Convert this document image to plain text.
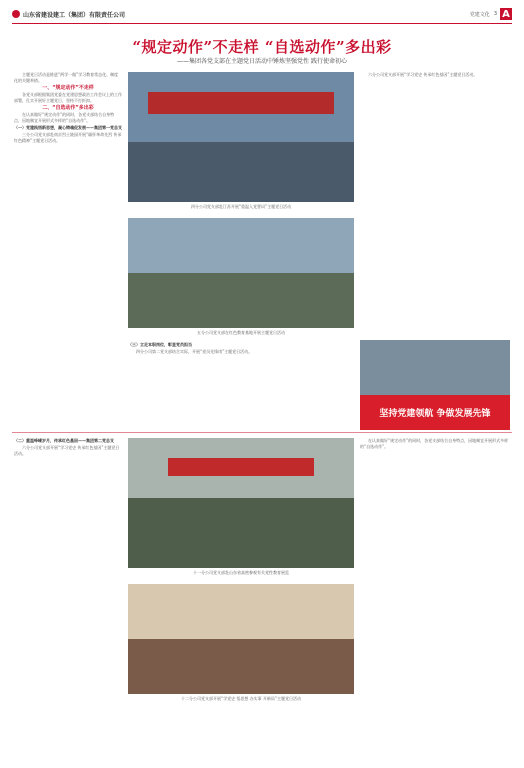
山东省建设建工（集团）有限责任公司	党建文化 3 A
“规定动作”不走样 “自选动作”多出彩
——集团各党支部在主题党日活动中锤炼坚强党性 践行使命初心

主题党日活动是推进“两学一做”学习教育常态化、制度化的关键举措。

一、“规定动作”不走样

各党支部根据集团党委在党建思想政治工作会议上的工作部署，扎实开展好主题党日，坚持不打折扣。

二、“自选动作”多出彩

在认真做好“规定动作”的同时，各党支部结合自身特点，因地制宜开展形式多样的“自选动作”。

（一）党建践悟新思想，凝心铸魂促发展——集团第一党总支

三分公司党支部赴南京烈士陵园开展“缅怀革命先烈 传承红色精神”主题党日活动。

四分公司党支部赴江苏开展“重温入党誓词”主题党日活动
五分公司党支部在红色教育基地开展主题党日活动

（三）立足本职岗位，彰显党员担当

四分公司第二党支部结合实际，开展“党员先锋岗”主题党日活动。

六分公司党支部开展“学习党史 传承红色基因”主题党日活动。

坚持党建领航 争做发展先锋

（二）重温峥嵘岁月，传承红色基因——集团第二党总支

六分公司党支部开展“学习党史 传承红色基因”主题党日活动。

十一分公司党支部赴山东省高密参观有关党性教育展览
十二分公司党支部开展“学党史 悟思想 办实事 开新局”主题党日活动

在认真做好“规定动作”的同时，各党支部结合自身特点，因地制宜开展形式多样的“自选动作”。
